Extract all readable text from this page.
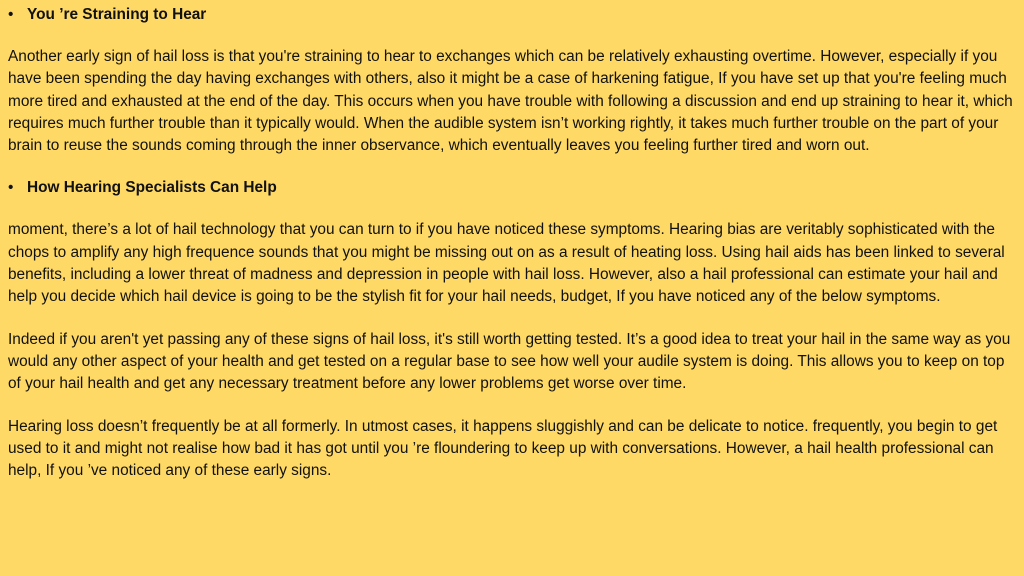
• You ’re Straining to Hear

Another early sign of hail loss is that you're straining to hear to exchanges which can be relatively exhausting overtime. However, especially if you have been spending the day having exchanges with others, also it might be a case of harkening fatigue, If you have set up that you're feeling much more tired and exhausted at the end of the day. This occurs when you have trouble with following a discussion and end up straining to hear it, which requires much further trouble than it typically would. When the audible system isn’t working rightly, it takes much further trouble on the part of your brain to reuse the sounds coming through the inner observance, which eventually leaves you feeling further tired and worn out.

• How Hearing Specialists Can Help

moment, there’s a lot of hail technology that you can turn to if you have noticed these symptoms. Hearing bias are veritably sophisticated with the chops to amplify any high frequence sounds that you might be missing out on as a result of heating loss. Using hail aids has been linked to several benefits, including a lower threat of madness and depression in people with hail loss. However, also a hail professional can estimate your hail and help you decide which hail device is going to be the stylish fit for your hail needs, budget, If you have noticed any of the below symptoms.

Indeed if you aren't yet passing any of these signs of hail loss, it's still worth getting tested. It’s a good idea to treat your hail in the same way as you would any other aspect of your health and get tested on a regular base to see how well your audile system is doing. This allows you to keep on top of your hail health and get any necessary treatment before any lower problems get worse over time.

Hearing loss doesn’t frequently be at all formerly. In utmost cases, it happens sluggishly and can be delicate to notice. frequently, you begin to get used to it and might not realise how bad it has got until you ’re floundering to keep up with conversations. However, a hail health professional can help, If you ’ve noticed any of these early signs.
